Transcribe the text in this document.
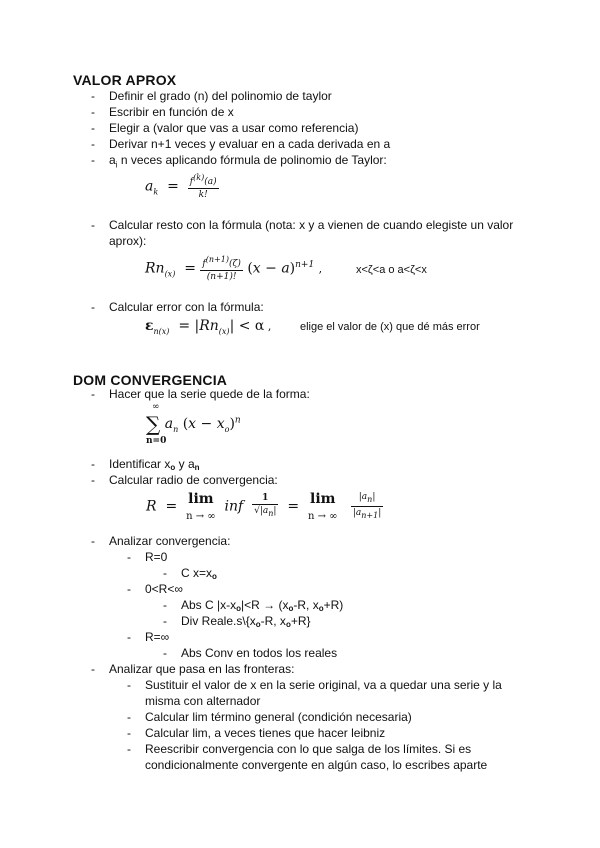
VALOR APROX
-	Definir el grado (n) del polinomio de taylor
-	Escribir en función de x
-	Elegir a (valor que vas a usar como referencia)
-	Derivar n+1 veces y evaluar en a cada derivada en a
-	$a_i$ n veces aplicando fórmula de polinomio de Taylor:
$a_k = \frac{f^{(k)}(a)}{k!}$
-	Calcular resto con la fórmula (nota: x y a vienen de cuando elegiste un valor
aprox):
$Rn_{(x)} = \frac{f^{(n+1)}(\zeta)}{(n+1)!} (x - a)^{n+1}$ ,	x<ζ<a o a<ζ<x
-	Calcular error con la fórmula:
$\varepsilon_{n(x)} = |Rn_{(x)}| < \alpha$ ,	elige el valor de (x) que dé más error
DOM CONVERGENCIA
-	Hacer que la serie quede de la forma:
∞
∑ $a_n$ $(x - x_o)^n$
n=0
-	Identificar $x_o$ y $a_n$
-	Calcular radio de convergencia:
R  = lim
n → ∞  inf $\frac{1}{√|a_n|} = \lim$
n → ∞ $\frac{|a_n|}{|a_{n+1}|}$
-	Analizar convergencia:
-	R=0
-	C $x=x_o$
-	0<R<∞
-	Abs C $|x-x_o|<R \to (x_o-R$, $x_o+R$)
-	Div $Reale.s\backslash\{x_o-R$, $x_o+R$}
-	R=∞
-	Abs Conv en todos los reales
-	Analizar que pasa en las fronteras:
-	Sustituir el valor de x en la serie original, va a quedar una serie y la
misma con alternador
-	Calcular lim término general (condición necesaria)
-	Calcular lim, a veces tienes que hacer leibniz
-	Reescribir convergencia con lo que salga de los límites. Si es
condicionalmente convergente en algún caso, lo escribes aparte
